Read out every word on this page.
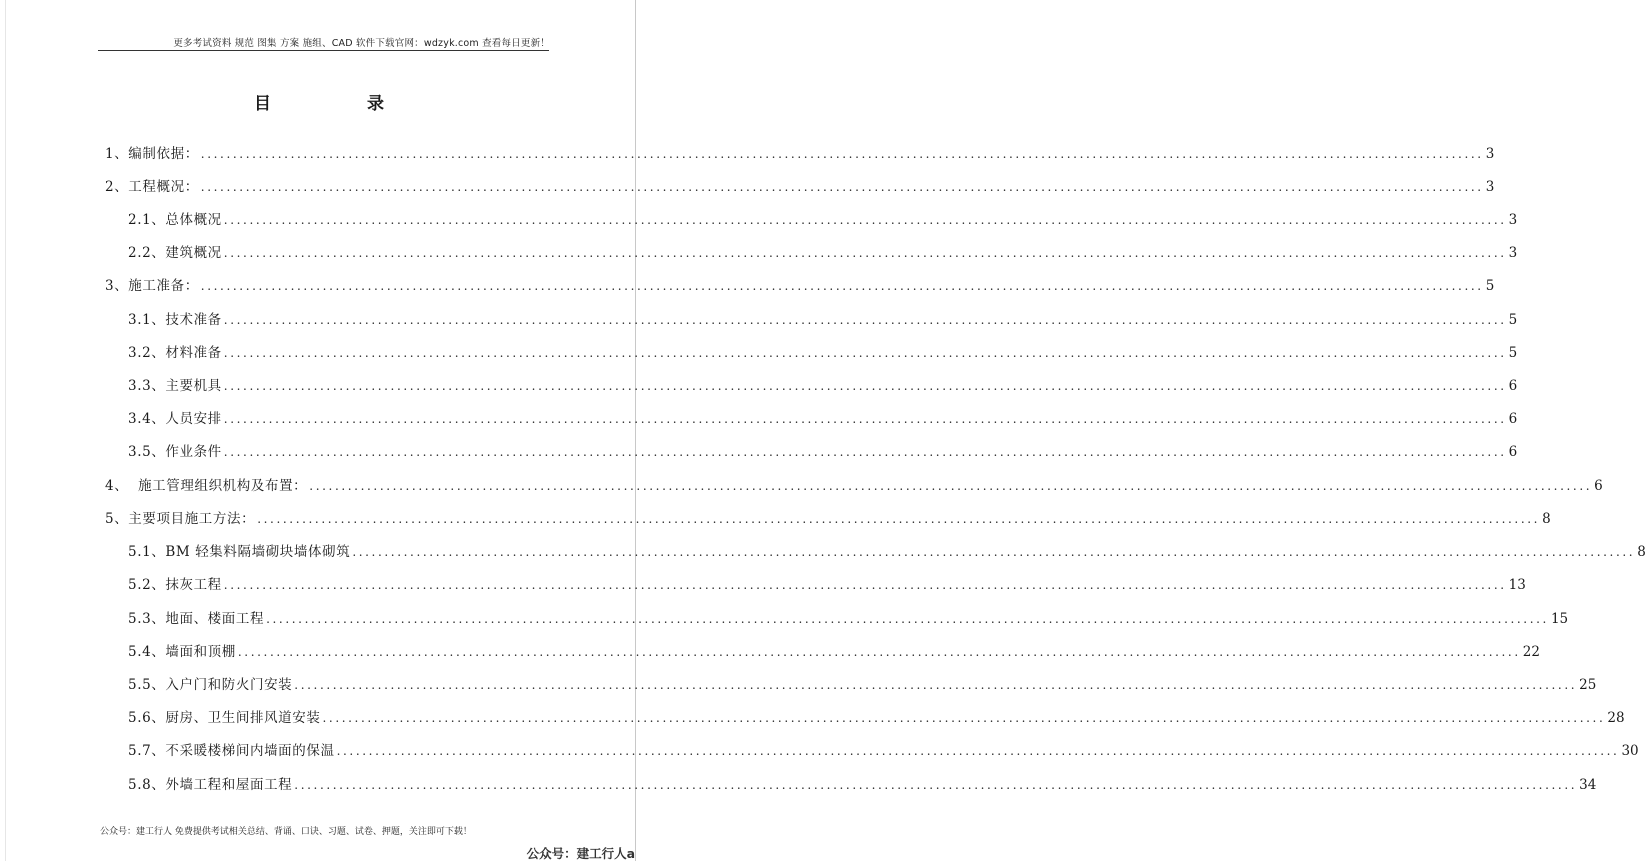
更多考试资料 规范 图集 方案 施组、CAD 软件下载官网：wdzyk.com 查看每日更新！
目	录
1、编制依据： ........................................................................................................................................................................................................ 3
2、工程概况： ........................................................................................................................................................................................................ 3
2.1、总体概况 ........................................................................................................................................................................................................ 3
2.2、建筑概况 ........................................................................................................................................................................................................ 3
3、施工准备： ........................................................................................................................................................................................................ 5
3.1、技术准备 ........................................................................................................................................................................................................ 5
3.2、材料准备 ........................................................................................................................................................................................................ 5
3.3、主要机具 ........................................................................................................................................................................................................ 6
3.4、人员安排 ........................................................................................................................................................................................................ 6
3.5、作业条件 ........................................................................................................................................................................................................ 6
4、  施工管理组织机构及布置： ........................................................................................................................................................................................................ 6
5、主要项目施工方法： ........................................................................................................................................................................................................ 8
5.1、BM 轻集料隔墙砌块墙体砌筑 ........................................................................................................................................................................................................ 8
5.2、抹灰工程 ........................................................................................................................................................................................................ 13
5.3、地面、楼面工程 ........................................................................................................................................................................................................ 15
5.4、墙面和顶棚 ........................................................................................................................................................................................................ 22
5.5、入户门和防火门安装 ........................................................................................................................................................................................................ 25
5.6、厨房、卫生间排风道安装 ........................................................................................................................................................................................................ 28
5.7、不采暖楼梯间内墙面的保温 ........................................................................................................................................................................................................ 30
5.8、外墙工程和屋面工程 ........................................................................................................................................................................................................ 34
公众号：建工行人 免费提供考试相关总结、背诵、口诀、习题、试卷、押题，关注即可下载！
公众号：建工行人a
